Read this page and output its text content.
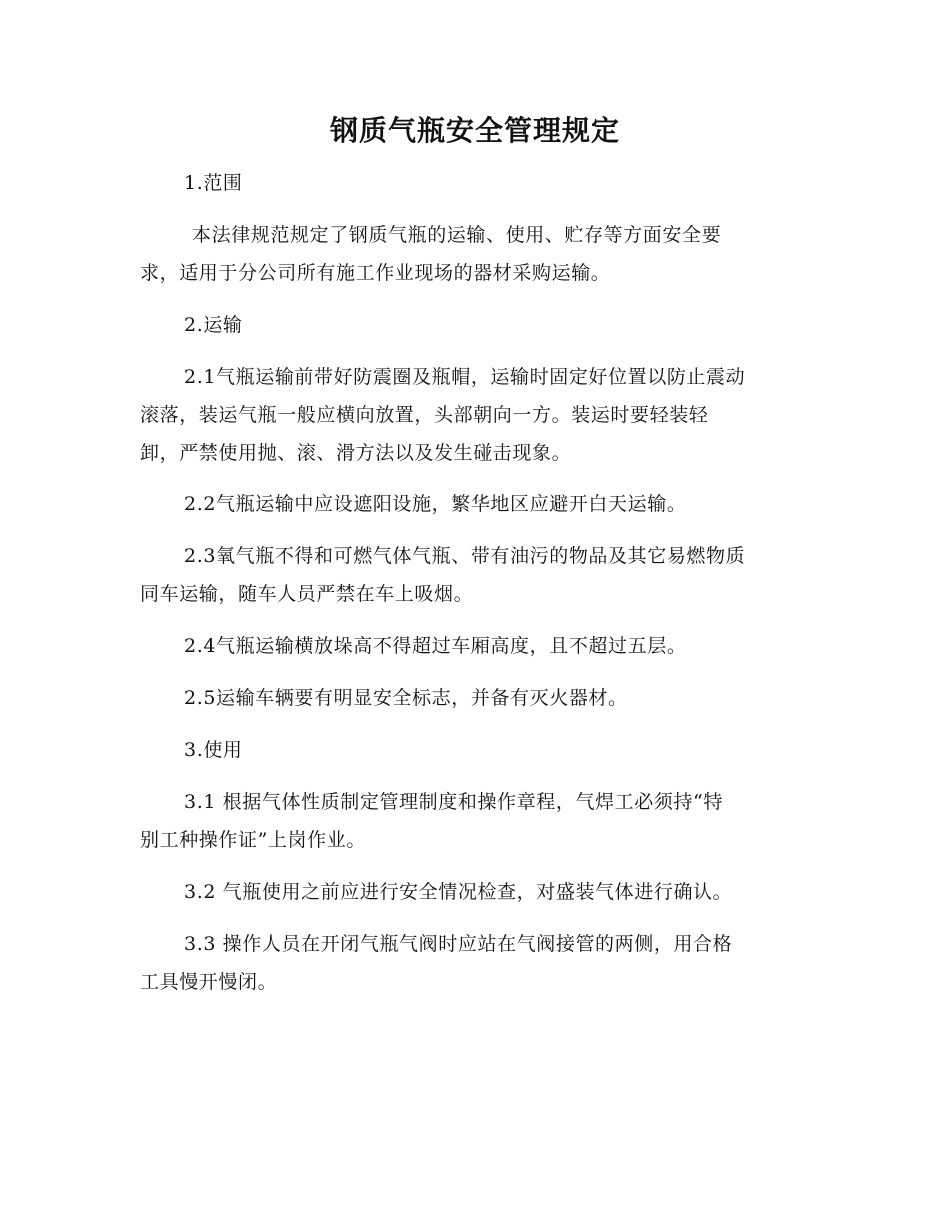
钢质气瓶安全管理规定

1.范围

本法律规范规定了钢质气瓶的运输、使用、贮存等方面安全要
求，适用于分公司所有施工作业现场的器材采购运输。

2.运输

2.1气瓶运输前带好防震圈及瓶帽，运输时固定好位置以防止震动
滚落，装运气瓶一般应横向放置，头部朝向一方。装运时要轻装轻
卸，严禁使用抛、滚、滑方法以及发生碰击现象。

2.2气瓶运输中应设遮阳设施，繁华地区应避开白天运输。

2.3氧气瓶不得和可燃气体气瓶、带有油污的物品及其它易燃物质
同车运输，随车人员严禁在车上吸烟。

2.4气瓶运输横放垛高不得超过车厢高度，且不超过五层。

2.5运输车辆要有明显安全标志，并备有灭火器材。

3.使用

3.1 根据气体性质制定管理制度和操作章程，气焊工必须持“特
别工种操作证”上岗作业。

3.2 气瓶使用之前应进行安全情况检查，对盛装气体进行确认。

3.3 操作人员在开闭气瓶气阀时应站在气阀接管的两侧，用合格
工具慢开慢闭。
